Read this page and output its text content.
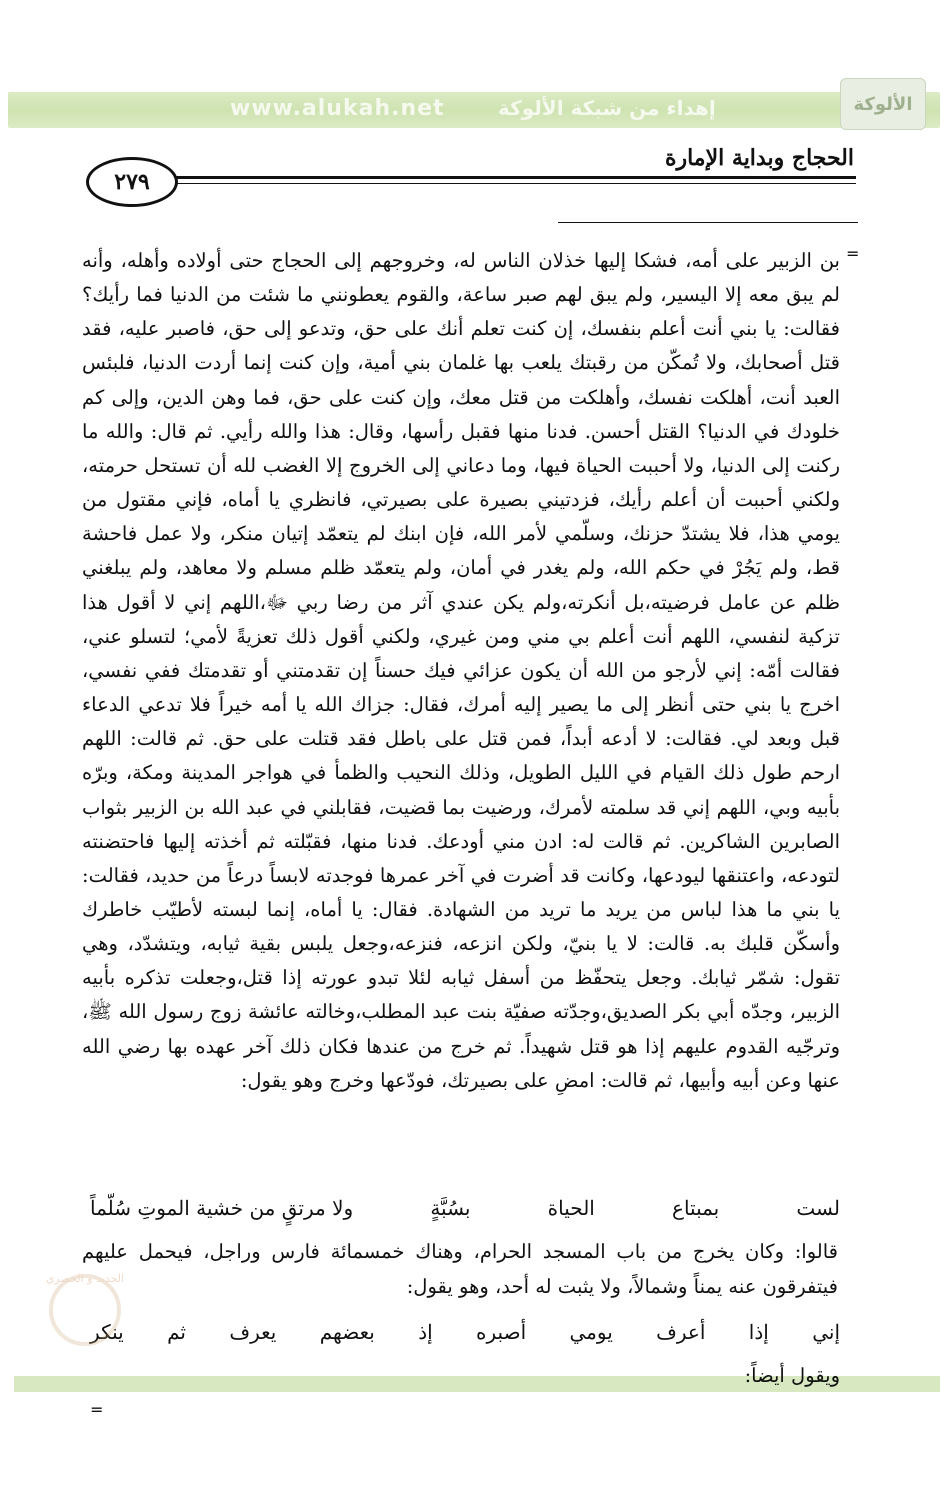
www.alukah.net	إهداء من شبكة الألوكة	الألوكة
الحجاج وبداية الإمارة
٢٧٩
=
بن الزبير على أمه، فشكا إليها خذلان الناس له، وخروجهم إلى الحجاج حتى أولاده وأهله، وأنه لم يبق معه إلا اليسير، ولم يبق لهم صبر ساعة، والقوم يعطونني ما شئت من الدنيا فما رأيك؟ فقالت: يا بني أنت أعلم بنفسك، إن كنت تعلم أنك على حق، وتدعو إلى حق، فاصبر عليه، فقد قتل أصحابك، ولا تُمكّن من رقبتك يلعب بها غلمان بني أمية، وإن كنت إنما أردت الدنيا، فلبئس العبد أنت، أهلكت نفسك، وأهلكت من قتل معك، وإن كنت على حق، فما وهن الدين، وإلى كم خلودك في الدنيا؟ القتل أحسن. فدنا منها فقبل رأسها، وقال: هذا والله رأيي. ثم قال: والله ما ركنت إلى الدنيا، ولا أحببت الحياة فيها، وما دعاني إلى الخروج إلا الغضب لله أن تستحل حرمته، ولكني أحببت أن أعلم رأيك، فزدتيني بصيرة على بصيرتي، فانظري يا أماه، فإني مقتول من يومي هذا، فلا يشتدّ حزنك، وسلّمي لأمر الله، فإن ابنك لم يتعمّد إتيان منكر، ولا عمل فاحشة قط، ولم يَجُرْ في حكم الله، ولم يغدر في أمان، ولم يتعمّد ظلم مسلم ولا معاهد، ولم يبلغني ظلم عن عامل فرضيته،بل أنكرته،ولم يكن عندي آثر من رضا ربي ﷻ،اللهم إني لا أقول هذا تزكية لنفسي، اللهم أنت أعلم بي مني ومن غيري، ولكني أقول ذلك تعزيةً لأمي؛ لتسلو عني، فقالت أمّه: إني لأرجو من الله أن يكون عزائي فيك حسناً إن تقدمتني أو تقدمتك ففي نفسي، اخرج يا بني حتى أنظر إلى ما يصير إليه أمرك، فقال: جزاك الله يا أمه خيراً فلا تدعي الدعاء قبل وبعد لي. فقالت: لا أدعه أبداً، فمن قتل على باطل فقد قتلت على حق. ثم قالت: اللهم ارحم طول ذلك القيام في الليل الطويل، وذلك النحيب والظمأ في هواجر المدينة ومكة، وبرّه بأبيه وبي، اللهم إني قد سلمته لأمرك، ورضيت بما قضيت، فقابلني في عبد الله بن الزبير بثواب الصابرين الشاكرين. ثم قالت له: ادن مني أودعك. فدنا منها، فقبّلته ثم أخذته إليها فاحتضنته لتودعه، واعتنقها ليودعها، وكانت قد أضرت في آخر عمرها فوجدته لابساً درعاً من حديد، فقالت: يا بني ما هذا لباس من يريد ما تريد من الشهادة. فقال: يا أماه، إنما لبسته لأطيّب خاطرك وأسكّن قلبك به. قالت: لا يا بنيّ، ولكن انزعه، فنزعه،وجعل يلبس بقية ثيابه، ويتشدّد، وهي تقول: شمّر ثيابك. وجعل يتحفّظ من أسفل ثيابه لئلا تبدو عورته إذا قتل،وجعلت تذكره بأبيه الزبير، وجدّه أبي بكر الصديق،وجدّته صفيّة بنت عبد المطلب،وخالته عائشة زوج رسول الله ﷺ، وترجّيه القدوم عليهم إذا هو قتل شهيداً. ثم خرج من عندها فكان ذلك آخر عهده بها رضي الله عنها وعن أبيه وأبيها، ثم قالت: امضِ على بصيرتك، فودّعها وخرج وهو يقول:
لست
بمبتاع
الحياة
بسُبَّةٍ
ولا مرتقٍ من خشية الموتِ سُلّماً
قالوا: وكان يخرج من باب المسجد الحرام، وهناك خمسمائة فارس وراجل، فيحمل عليهم فيتفرقون عنه يمناً وشمالاً، ولا يثبت له أحد، وهو يقول:
إني
إذا
أعرف
يومي
أصبره
إذ
بعضهم
يعرف
ثم
ينكر
ويقول أيضاً:
الجديد و الحصري
=
